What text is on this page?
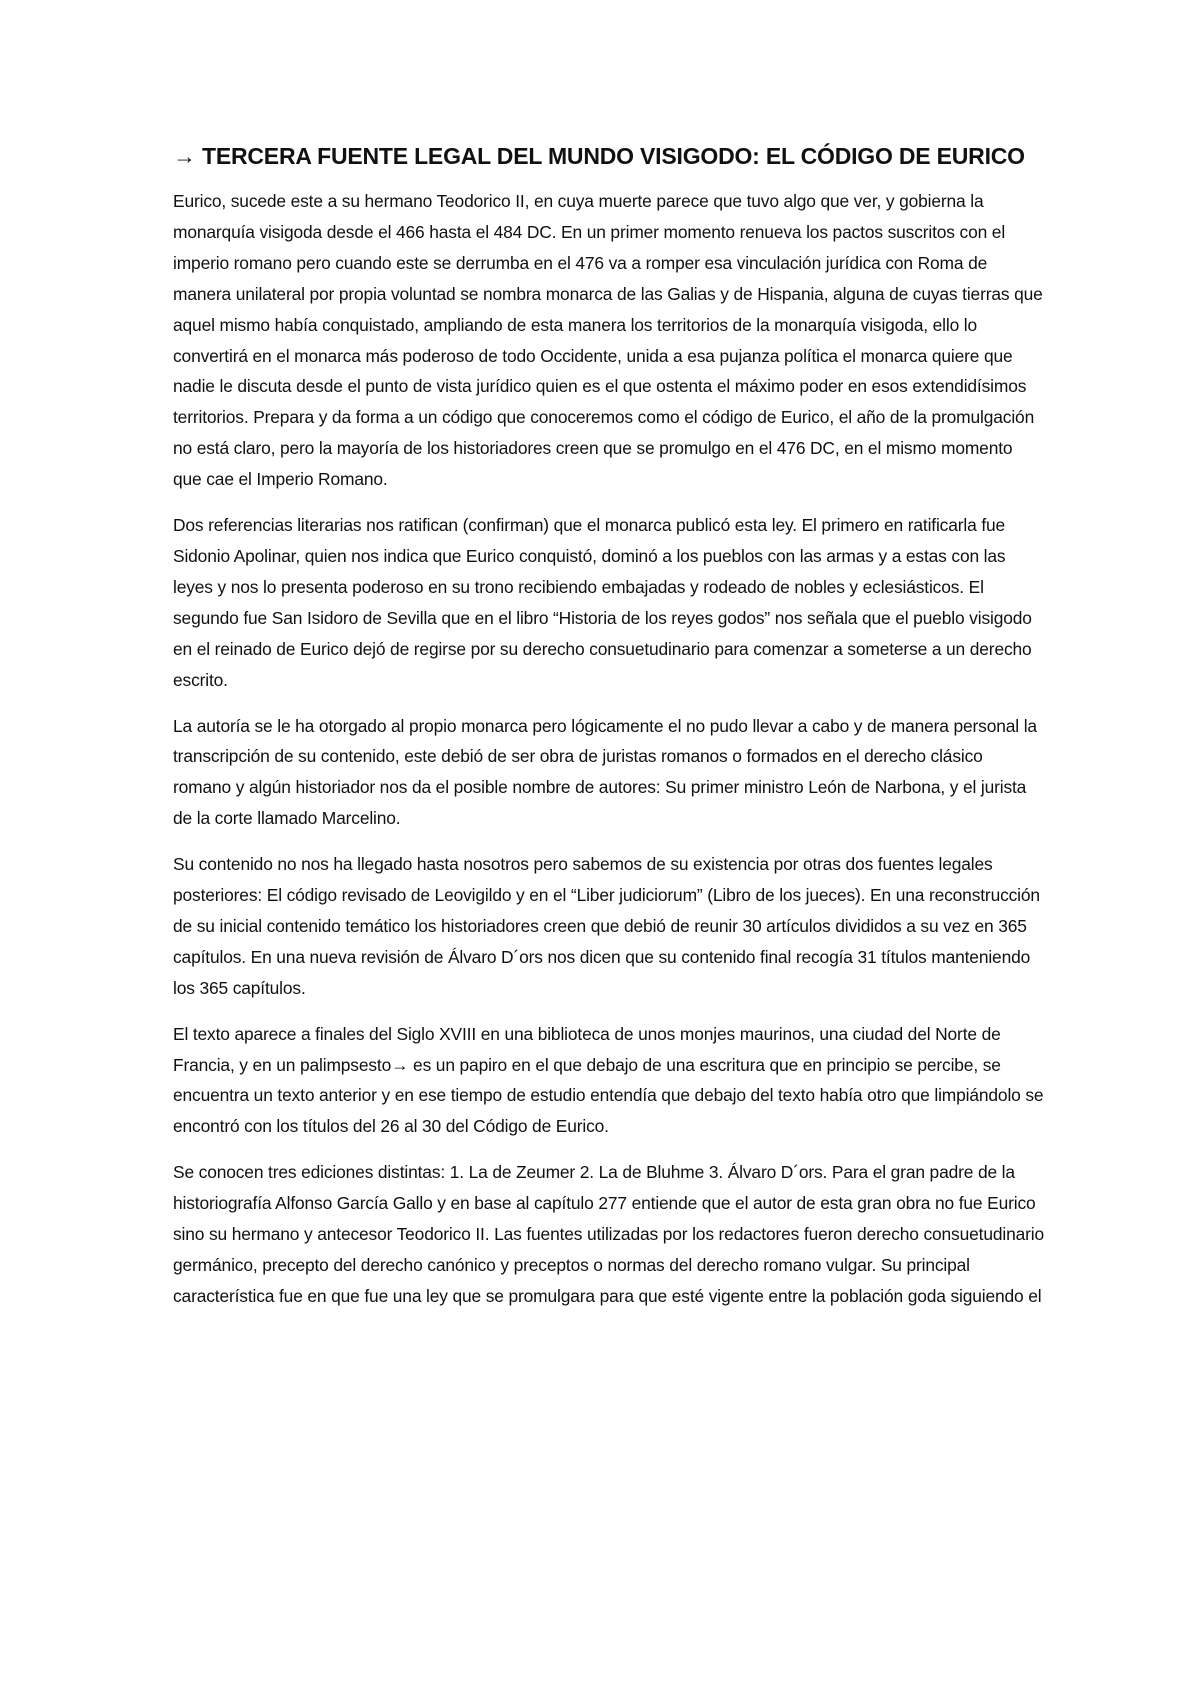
→ TERCERA FUENTE LEGAL DEL MUNDO VISIGODO: EL CÓDIGO DE EURICO

Eurico, sucede este a su hermano Teodorico II, en cuya muerte parece que tuvo algo que ver, y gobierna la monarquía visigoda desde el 466 hasta el 484 DC. En un primer momento renueva los pactos suscritos con el imperio romano pero cuando este se derrumba en el 476 va a romper esa vinculación jurídica con Roma de manera unilateral por propia voluntad se nombra monarca de las Galias y de Hispania, alguna de cuyas tierras que aquel mismo había conquistado, ampliando de esta manera los territorios de la monarquía visigoda, ello lo convertirá en el monarca más poderoso de todo Occidente, unida a esa pujanza política el monarca quiere que nadie le discuta desde el punto de vista jurídico quien es el que ostenta el máximo poder en esos extendidísimos territorios. Prepara y da forma a un código que conoceremos como el código de Eurico, el año de la promulgación no está claro, pero la mayoría de los historiadores creen que se promulgo en el 476 DC, en el mismo momento que cae el Imperio Romano.

Dos referencias literarias nos ratifican (confirman) que el monarca publicó esta ley. El primero en ratificarla fue Sidonio Apolinar, quien nos indica que Eurico conquistó, dominó a los pueblos con las armas y a estas con las leyes y nos lo presenta poderoso en su trono recibiendo embajadas y rodeado de nobles y eclesiásticos. El segundo fue San Isidoro de Sevilla que en el libro “Historia de los reyes godos” nos señala que el pueblo visigodo en el reinado de Eurico dejó de regirse por su derecho consuetudinario para comenzar a someterse a un derecho escrito.

La autoría se le ha otorgado al propio monarca pero lógicamente el no pudo llevar a cabo y de manera personal la transcripción de su contenido, este debió de ser obra de juristas romanos o formados en el derecho clásico romano y algún historiador nos da el posible nombre de autores: Su primer ministro León de Narbona, y el jurista de la corte llamado Marcelino.

Su contenido no nos ha llegado hasta nosotros pero sabemos de su existencia por otras dos fuentes legales posteriores: El código revisado de Leovigildo y en el “Liber judiciorum” (Libro de los jueces). En una reconstrucción de su inicial contenido temático los historiadores creen que debió de reunir 30 artículos divididos a su vez en 365 capítulos. En una nueva revisión de Álvaro D´ors nos dicen que su contenido final recogía 31 títulos manteniendo los 365 capítulos.

El texto aparece a finales del Siglo XVIII en una biblioteca de unos monjes maurinos, una ciudad del Norte de Francia, y en un palimpsesto→ es un papiro en el que debajo de una escritura que en principio se percibe, se encuentra un texto anterior y en ese tiempo de estudio entendía que debajo del texto había otro que limpiándolo se encontró con los títulos del 26 al 30 del Código de Eurico.

Se conocen tres ediciones distintas: 1. La de Zeumer 2. La de Bluhme 3. Álvaro D´ors. Para el gran padre de la historiografía Alfonso García Gallo y en base al capítulo 277 entiende que el autor de esta gran obra no fue Eurico sino su hermano y antecesor Teodorico II. Las fuentes utilizadas por los redactores fueron derecho consuetudinario germánico, precepto del derecho canónico y preceptos o normas del derecho romano vulgar. Su principal característica fue en que fue una ley que se promulgara para que esté vigente entre la población goda siguiendo el
